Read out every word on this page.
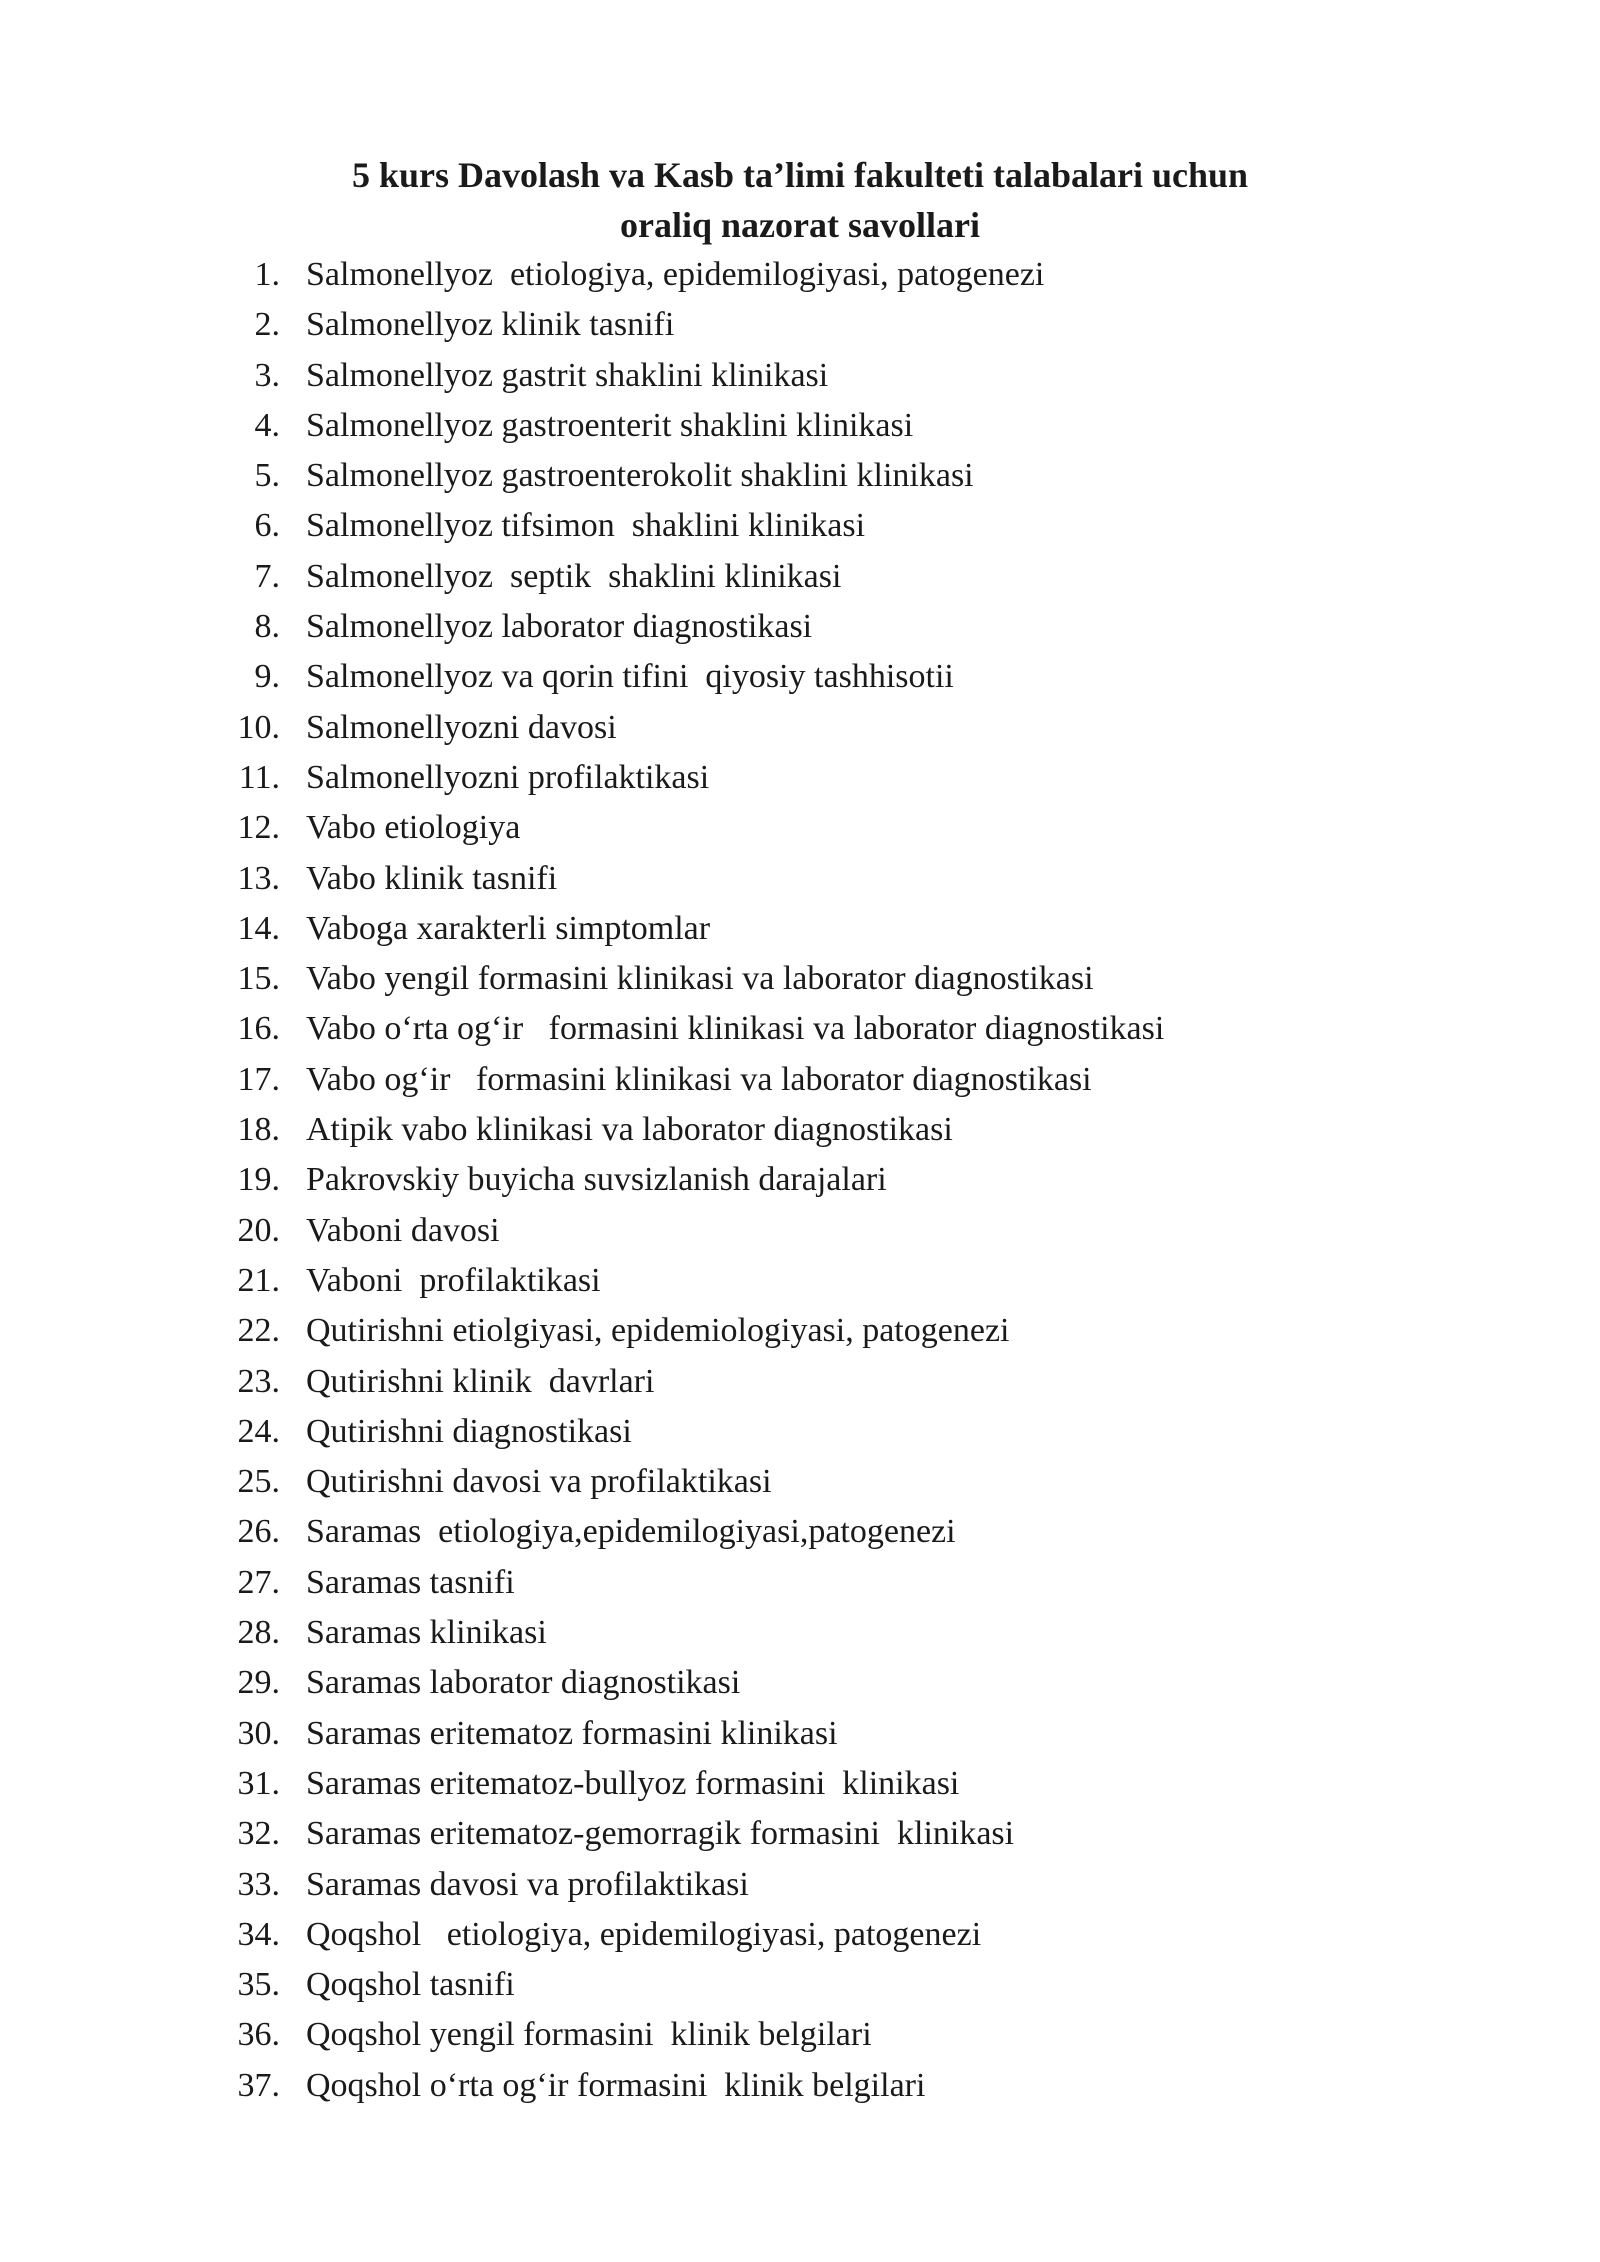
5 kurs Davolash va Kasb ta’limi fakulteti talabalari uchun
oraliq nazorat savollari
1. Salmonellyoz  etiologiya, epidemilogiyasi, patogenezi
2. Salmonellyoz klinik tasnifi
3. Salmonellyoz gastrit shaklini klinikasi
4. Salmonellyoz gastroenterit shaklini klinikasi
5. Salmonellyoz gastroenterokolit shaklini klinikasi
6. Salmonellyoz tifsimon  shaklini klinikasi
7. Salmonellyoz  septik  shaklini klinikasi
8. Salmonellyoz laborator diagnostikasi
9. Salmonellyoz va qorin tifini  qiyosiy tashhisotii
10. Salmonellyozni davosi
11. Salmonellyozni profilaktikasi
12. Vabo etiologiya
13. Vabo klinik tasnifi
14. Vaboga xarakterli simptomlar
15. Vabo yengil formasini klinikasi va laborator diagnostikasi
16. Vabo o‘rta og‘ir   formasini klinikasi va laborator diagnostikasi
17. Vabo og‘ir   formasini klinikasi va laborator diagnostikasi
18. Atipik vabo klinikasi va laborator diagnostikasi
19. Pakrovskiy buyicha suvsizlanish darajalari
20. Vaboni davosi
21. Vaboni  profilaktikasi
22. Qutirishni etiolgiyasi, epidemiologiyasi, patogenezi
23. Qutirishni klinik  davrlari
24. Qutirishni diagnostikasi
25. Qutirishni davosi va profilaktikasi
26. Saramas  etiologiya,epidemilogiyasi,patogenezi
27. Saramas tasnifi
28. Saramas klinikasi
29. Saramas laborator diagnostikasi
30. Saramas eritematoz formasini klinikasi
31. Saramas eritematoz-bullyoz formasini  klinikasi
32. Saramas eritematoz-gemorragik formasini  klinikasi
33. Saramas davosi va profilaktikasi
34. Qoqshol   etiologiya, epidemilogiyasi, patogenezi
35. Qoqshol tasnifi
36. Qoqshol yengil formasini  klinik belgilari
37. Qoqshol o‘rta og‘ir formasini  klinik belgilari
